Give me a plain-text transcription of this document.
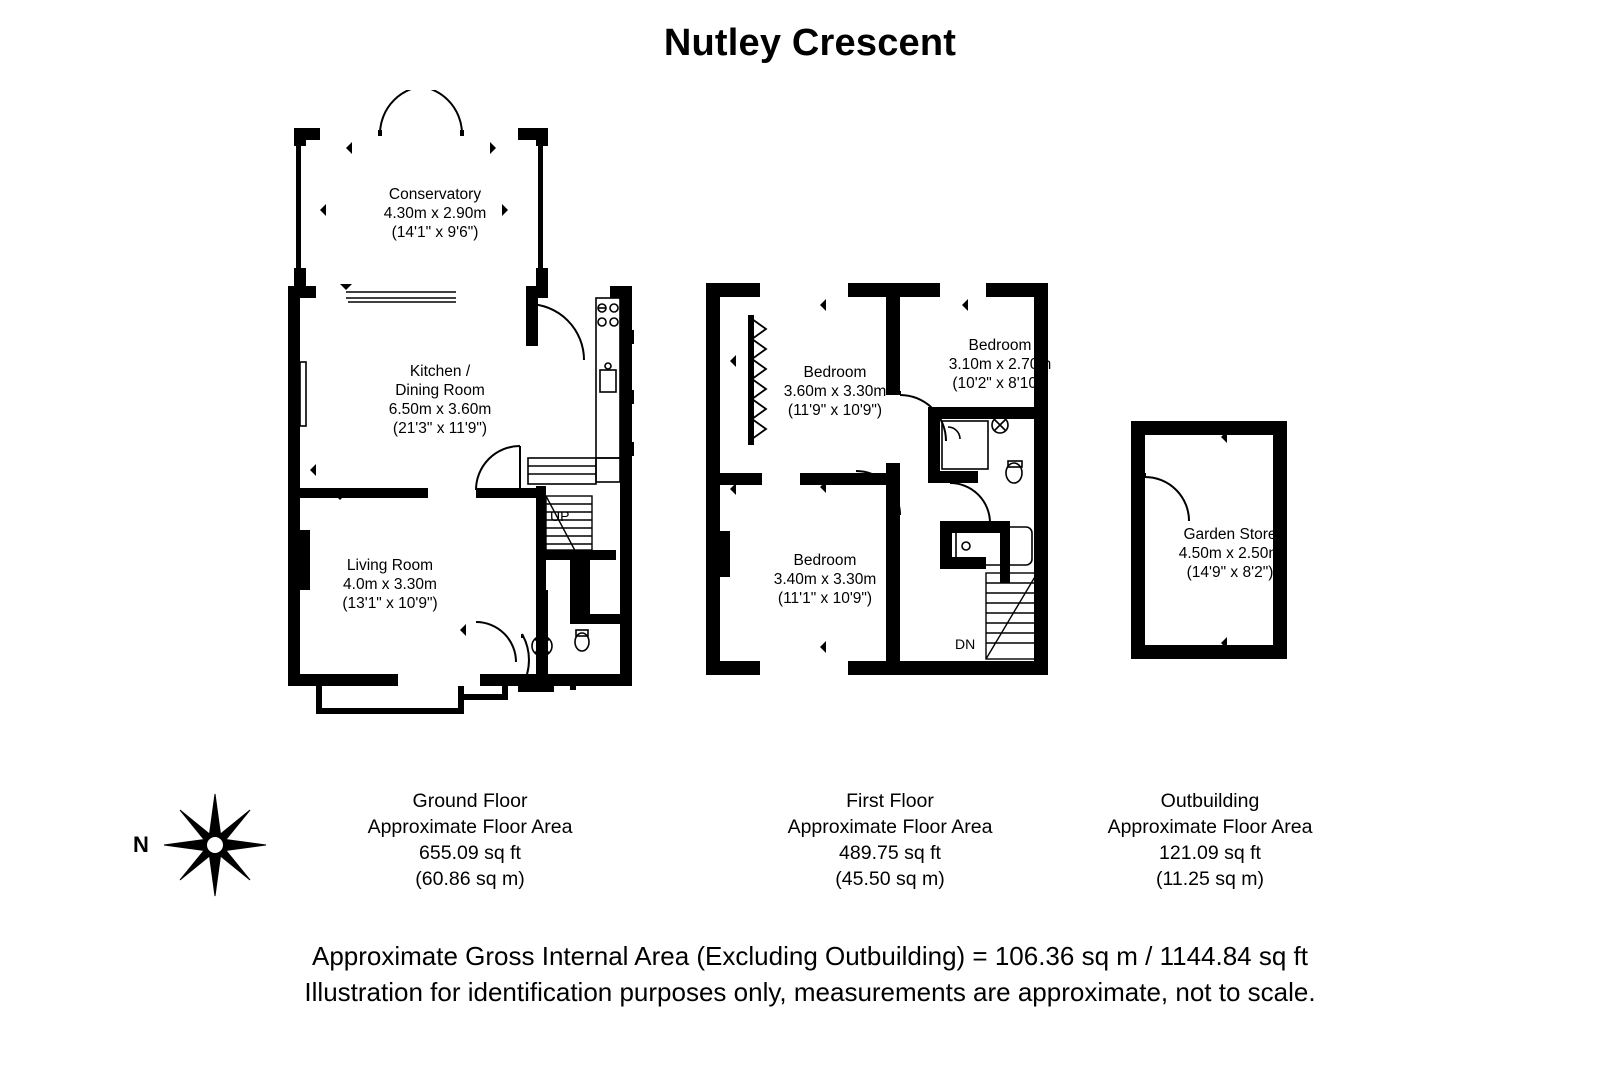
Nutley Crescent
Conservatory
4.30m x 2.90m
(14'1" x 9'6")
Kitchen /
Dining Room
6.50m x 3.60m
(21'3" x 11'9")
Living Room
4.0m x 3.30m
(13'1" x 10'9")
UP
Bedroom
3.60m x 3.30m
(11'9" x 10'9")
Bedroom
3.10m x 2.70m
(10'2" x 8'10")
Bedroom
3.40m x 3.30m
(11'1" x 10'9")
DN
Garden Store
4.50m x 2.50m
(14'9" x 8'2")
N
Ground Floor
Approximate Floor Area
655.09 sq ft
(60.86 sq m)
First Floor
Approximate Floor Area
489.75 sq ft
(45.50 sq m)
Outbuilding
Approximate Floor Area
121.09 sq ft
(11.25 sq m)
Approximate Gross Internal Area (Excluding Outbuilding) = 106.36 sq m / 1144.84 sq ft
Illustration for identification purposes only, measurements are approximate, not to scale.
